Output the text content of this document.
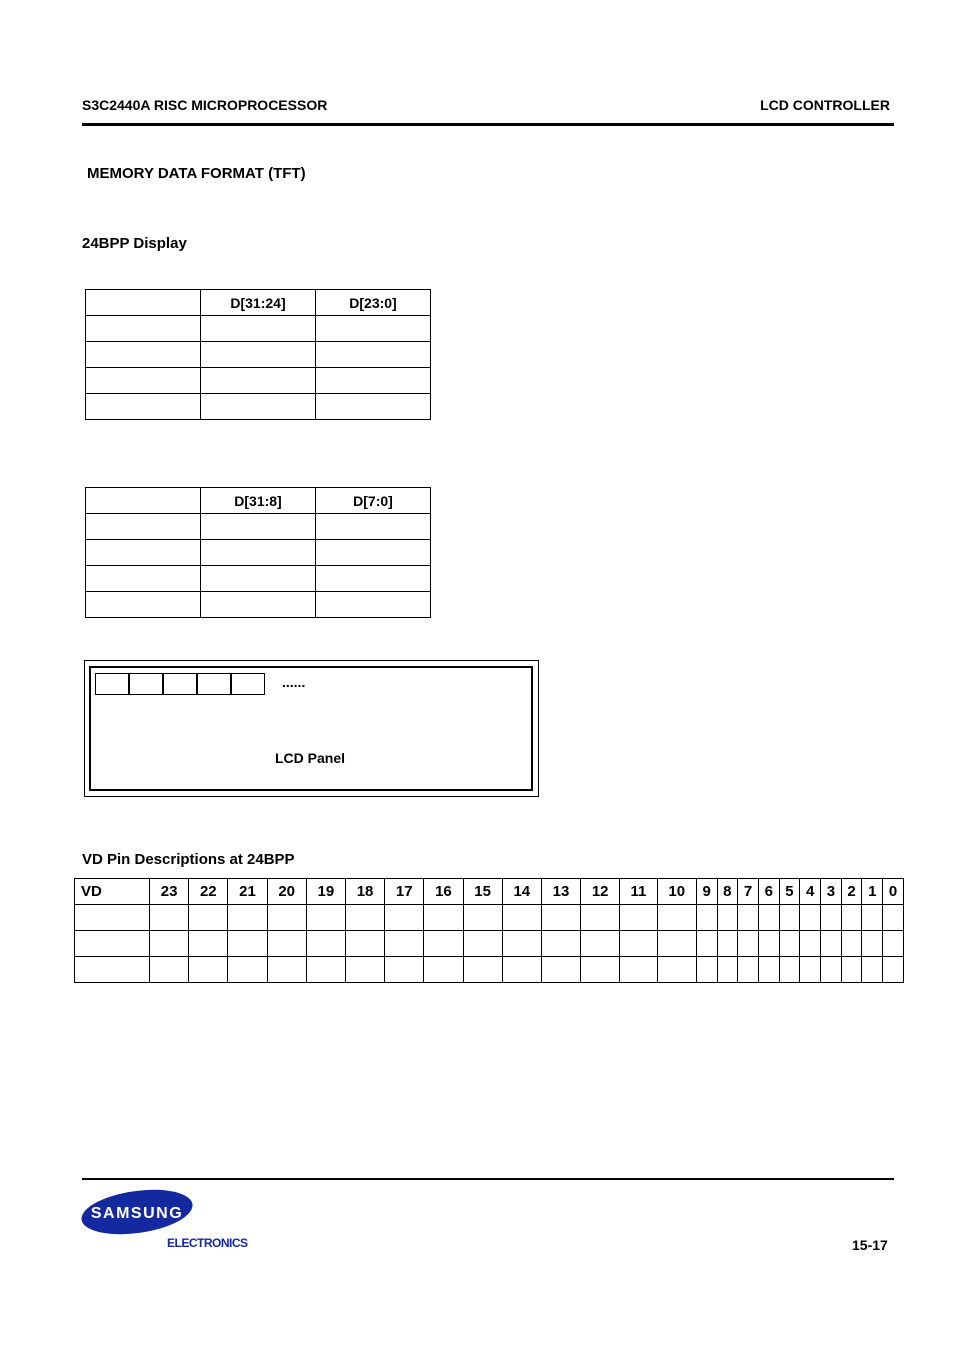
S3C2440A RISC MICROPROCESSOR	LCD CONTROLLER
MEMORY DATA FORMAT (TFT)
24BPP Display
	D[31:24]	D[23:0]

	D[31:8]	D[7:0]

......
LCD Panel
VD Pin Descriptions at 24BPP
VD	23	22	21	20	19	18	17	16	15	14	13	12	11	10	9	8	7	6	5	4	3	2	1	0

SAMSUNG
ELECTRONICS	15-17
